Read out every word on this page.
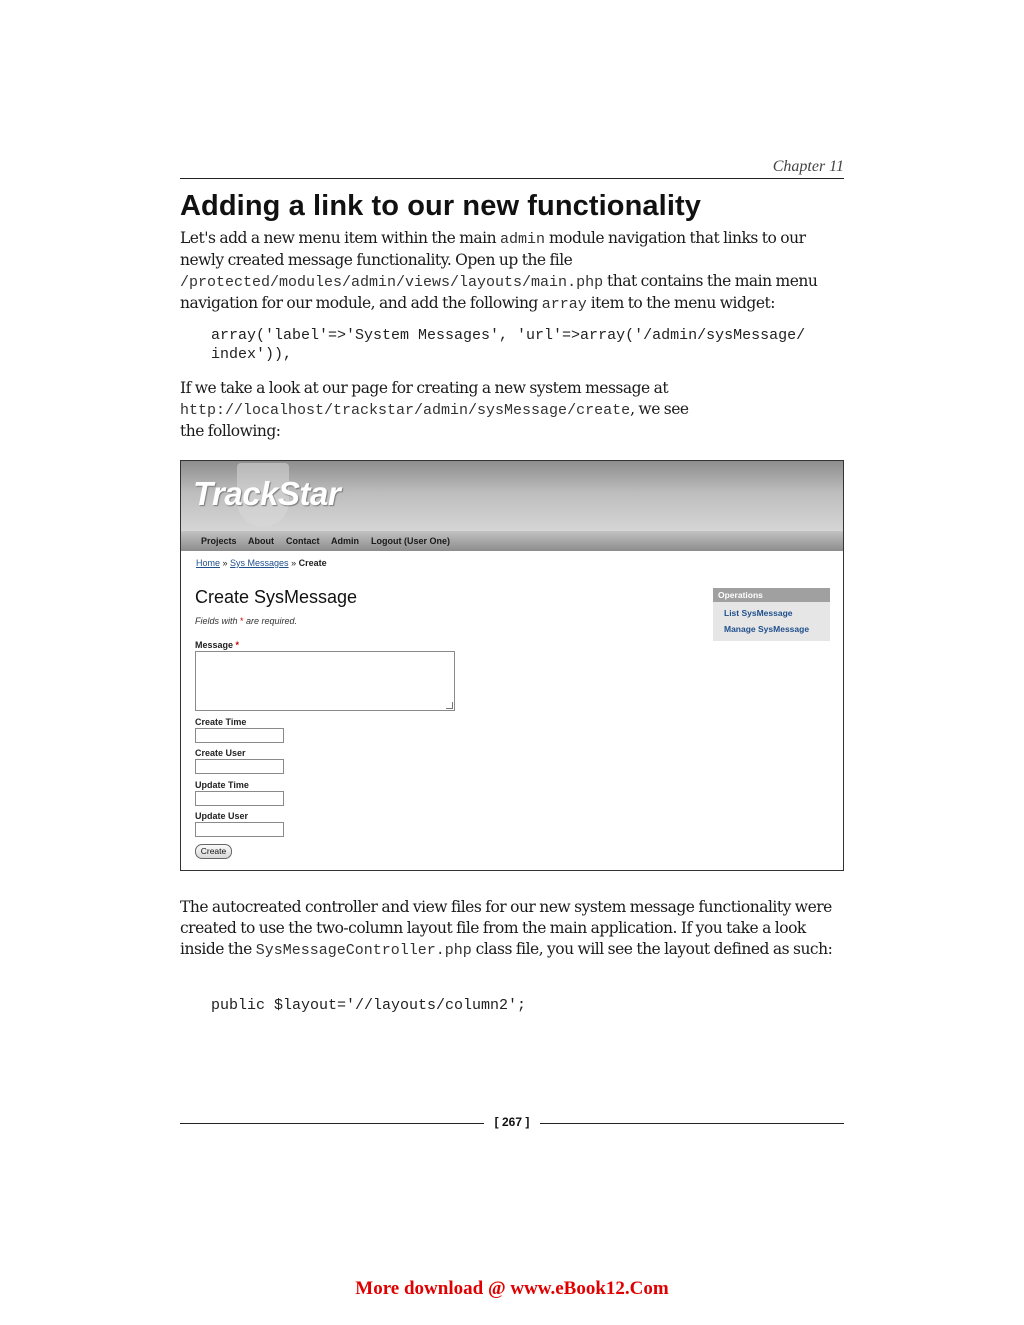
Chapter 11
Adding a link to our new functionality

Let's add a new menu item within the main admin module navigation that links to our newly created message functionality. Open up the file /protected/modules/admin/views/layouts/main.php that contains the main menu navigation for our module, and add the following array item to the menu widget:

array('label'=>'System Messages', 'url'=>array('/admin/sysMessage/
index')),

If we take a look at our page for creating a new system message at
http://localhost/trackstar/admin/sysMessage/create, we see
the following:

TrackStar
Projects About Contact Admin Logout (User One)
Home » Sys Messages » Create
Create SysMessage
Fields with * are required.
Message *
Create Time
Create User
Update Time
Update User
Create
Operations
List SysMessage
Manage SysMessage

The autocreated controller and view files for our new system message functionality were created to use the two-column layout file from the main application. If you take a look inside the SysMessageController.php class file, you will see the layout defined as such:

public $layout='//layouts/column2';
[ 267 ]
More download @ www.eBook12.Com
